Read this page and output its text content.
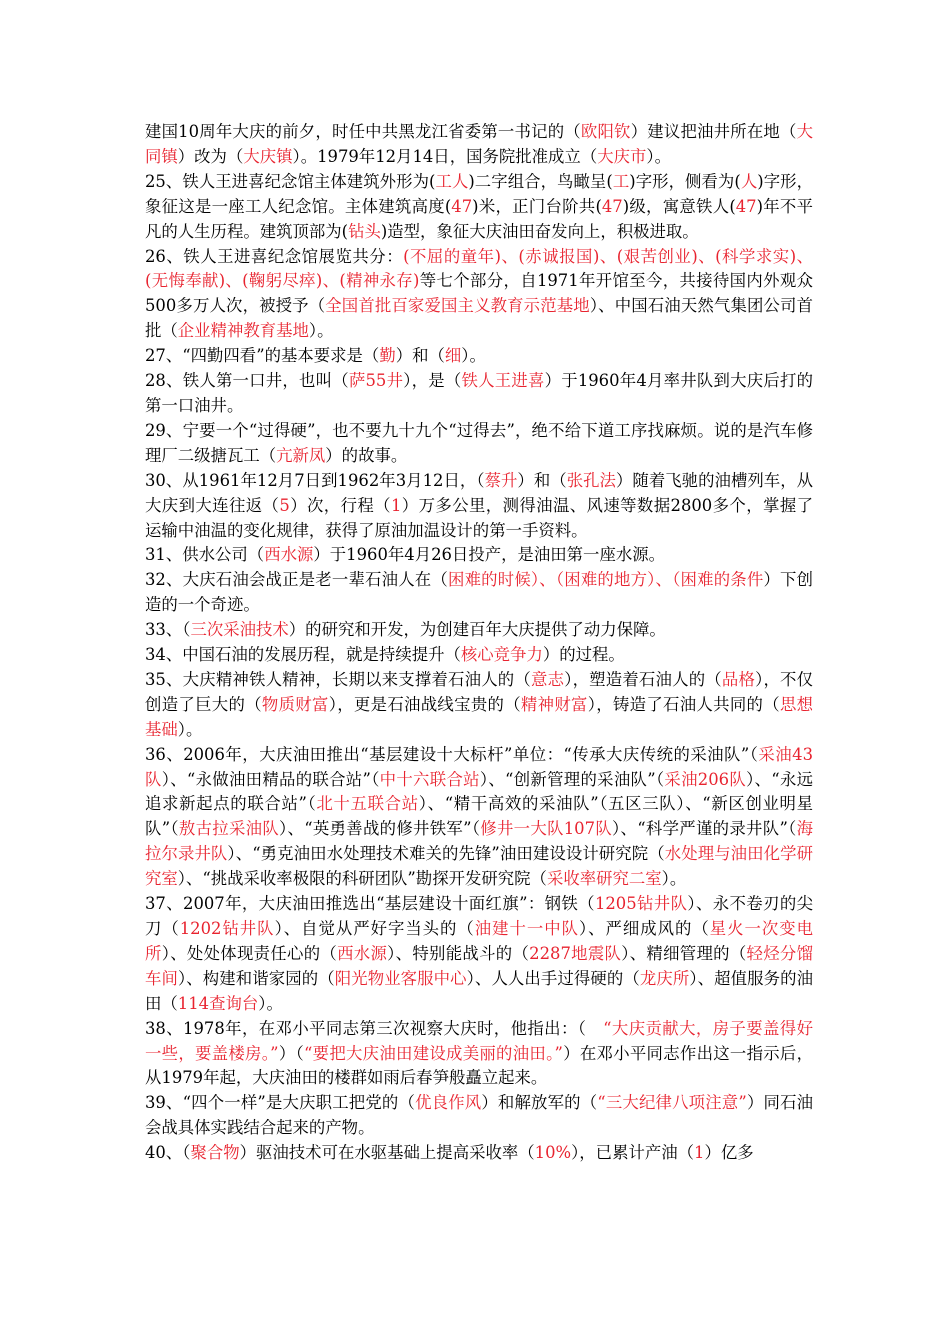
建国10周年大庆的前夕，时任中共黑龙江省委第一书记的（欧阳钦）建议把油井所在地（大同镇）改为（大庆镇）。1979年12月14日，国务院批准成立（大庆市）。

25、铁人王进喜纪念馆主体建筑外形为(工人)二字组合，鸟瞰呈(工)字形，侧看为(人)字形，象征这是一座工人纪念馆。主体建筑高度(47)米，正门台阶共(47)级，寓意铁人(47)年不平凡的人生历程。建筑顶部为(钻头)造型，象征大庆油田奋发向上，积极进取。

26、铁人王进喜纪念馆展览共分：(不屈的童年)、(赤诚报国)、(艰苦创业)、(科学求实)、(无悔奉献)、(鞠躬尽瘁)、(精神永存)等七个部分，自1971年开馆至今，共接待国内外观众500多万人次，被授予（全国首批百家爱国主义教育示范基地）、中国石油天然气集团公司首批（企业精神教育基地）。

27、“四勤四看”的基本要求是（勤）和（细）。

28、铁人第一口井，也叫（萨55井），是（铁人王进喜）于1960年4月率井队到大庆后打的第一口油井。

29、宁要一个“过得硬”，也不要九十九个“过得去”，绝不给下道工序找麻烦。说的是汽车修理厂二级搪瓦工（亢新凤）的故事。

30、从1961年12月7日到1962年3月12日，（蔡升）和（张孔法）随着飞驰的油槽列车，从大庆到大连往返（5）次，行程（1）万多公里，测得油温、风速等数据2800多个，掌握了运输中油温的变化规律，获得了原油加温设计的第一手资料。

31、供水公司（西水源）于1960年4月26日投产，是油田第一座水源。

32、大庆石油会战正是老一辈石油人在（困难的时候）、（困难的地方）、（困难的条件）下创造的一个奇迹。

33、（三次采油技术）的研究和开发，为创建百年大庆提供了动力保障。

34、中国石油的发展历程，就是持续提升（核心竞争力）的过程。

35、大庆精神铁人精神，长期以来支撑着石油人的（意志），塑造着石油人的（品格），不仅创造了巨大的（物质财富），更是石油战线宝贵的（精神财富），铸造了石油人共同的（思想基础）。

36、2006年，大庆油田推出“基层建设十大标杆”单位：“传承大庆传统的采油队”（采油43队）、“永做油田精品的联合站”（中十六联合站）、“创新管理的采油队”（采油206队）、“永远追求新起点的联合站”（北十五联合站）、“精干高效的采油队”（五区三队）、“新区创业明星队”（敖古拉采油队）、“英勇善战的修井铁军”（修井一大队107队）、“科学严谨的录井队”（海拉尔录井队）、“勇克油田水处理技术难关的先锋”油田建设设计研究院（水处理与油田化学研究室）、“挑战采收率极限的科研团队”勘探开发研究院（采收率研究二室）。

37、2007年，大庆油田推选出“基层建设十面红旗”：钢铁（1205钻井队）、永不卷刃的尖刀（1202钻井队）、自觉从严好字当头的（油建十一中队）、严细成风的（星火一次变电所）、处处体现责任心的（西水源）、特别能战斗的（2287地震队）、精细管理的（轻烃分馏车间）、构建和谐家园的（阳光物业客服中心）、人人出手过得硬的（龙庆所）、超值服务的油田（114查询台）。

38、1978年，在邓小平同志第三次视察大庆时，他指出：（　“大庆贡献大，房子要盖得好一些，要盖楼房。”）（“要把大庆油田建设成美丽的油田。”）在邓小平同志作出这一指示后，从1979年起，大庆油田的楼群如雨后春笋般矗立起来。

39、“四个一样”是大庆职工把党的（优良作风）和解放军的（“三大纪律八项注意”）同石油会战具体实践结合起来的产物。

40、（聚合物）驱油技术可在水驱基础上提高采收率（10%），已累计产油（1）亿多
